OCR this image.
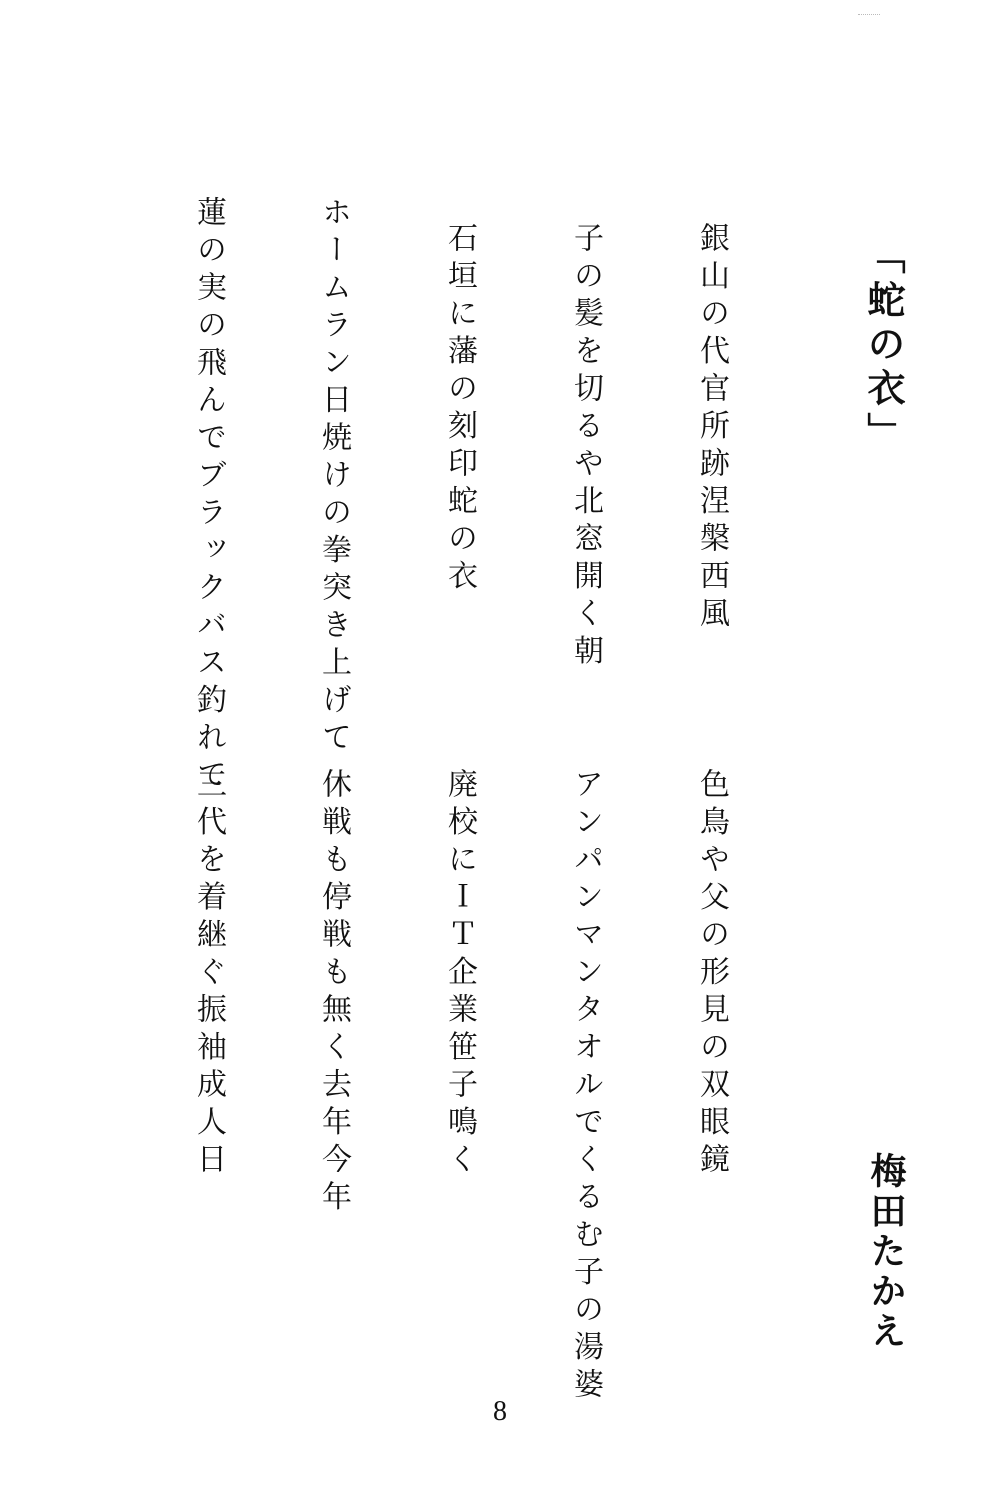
「蛇の衣」
梅田たかえ
銀山の代官所跡涅槃西風
子の髪を切るや北窓開く朝
石垣に藩の刻印蛇の衣
ホームラン日焼けの拳突き上げて
蓮の実の飛んでブラックバス釣れて
色鳥や父の形見の双眼鏡
アンパンマンタオルでくるむ子の湯婆
廃校にＩＴ企業笹子鳴く
休戦も停戦も無く去年今年
三代を着継ぐ振袖成人日
8
